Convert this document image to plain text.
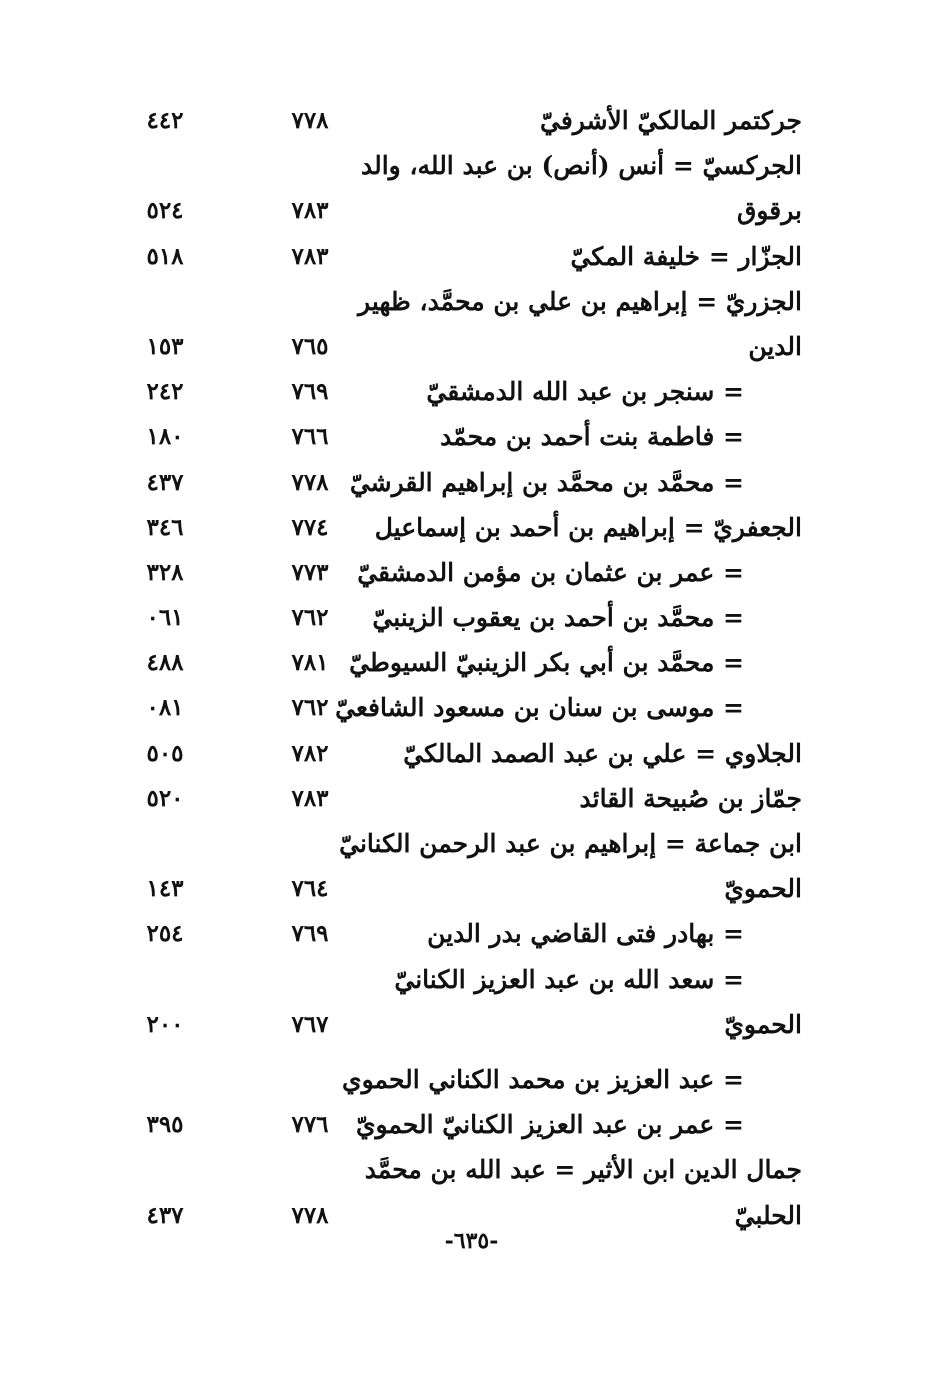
جركتمر المالكيّ الأشرفيّ
٧٧٨
٤٤٢
الجركسيّ = أنس (أنص) بن عبد الله، والد
برقوق
٧٨٣
٥٢٤
الجزّار = خليفة المكيّ
٧٨٣
٥١٨
الجزريّ = إبراهيم بن علي بن محمَّد، ظهير
الدين
٧٦٥
١٥٣
= سنجر بن عبد الله الدمشقيّ
٧٦٩
٢٤٢
= فاطمة بنت أحمد بن محمّد
٧٦٦
١٨٠
= محمَّد بن محمَّد بن إبراهيم القرشيّ
٧٧٨
٤٣٧
الجعفريّ = إبراهيم بن أحمد بن إسماعيل
٧٧٤
٣٤٦
= عمر بن عثمان بن مؤمن الدمشقيّ
٧٧٣
٣٢٨
= محمَّد بن أحمد بن يعقوب الزينبيّ
٧٦٢
٠٦١
= محمَّد بن أبي بكر الزينبيّ السيوطيّ
٧٨١
٤٨٨
= موسى بن سنان بن مسعود الشافعيّ
٧٦٢
٠٨١
الجلاوي = علي بن عبد الصمد المالكيّ
٧٨٢
٥٠٥
جمّاز بن صُبيحة القائد
٧٨٣
٥٢٠
ابن جماعة = إبراهيم بن عبد الرحمن الكنانيّ
الحمويّ
٧٦٤
١٤٣
= بهادر فتى القاضي بدر الدين
٧٦٩
٢٥٤
= سعد الله بن عبد العزيز الكنانيّ
الحمويّ
٧٦٧
٢٠٠
= عبد العزيز بن محمد الكناني الحموي
= عمر بن عبد العزيز الكنانيّ الحمويّ
٧٧٦
٣٩٥
جمال الدين ابن الأثير = عبد الله بن محمَّد
الحلبيّ
٧٧٨
٤٣٧
-٦٣٥-
